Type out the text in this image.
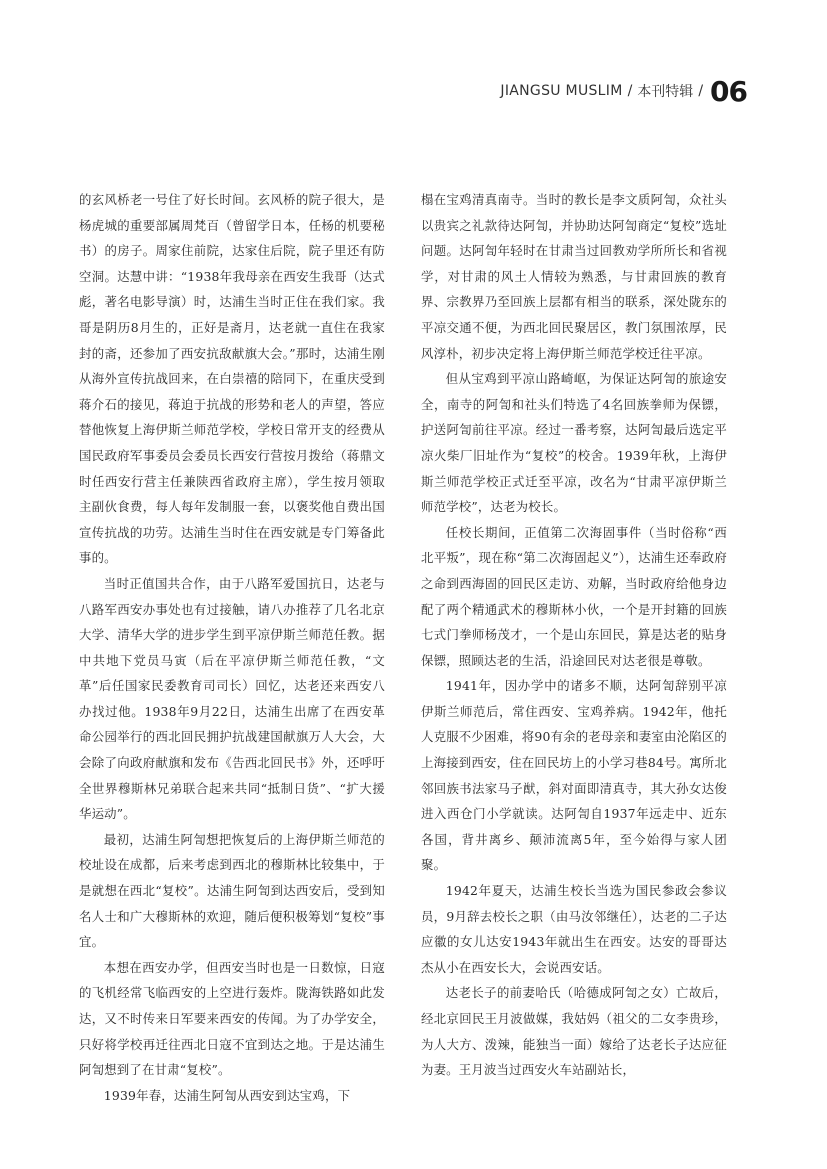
JIANGSU MUSLIM / 本刊特辑 / 06

的玄风桥老一号住了好长时间。玄风桥的院子很大，是杨虎城的重要部属周梵百（曾留学日本，任杨的机要秘书）的房子。周家住前院，达家住后院，院子里还有防空洞。达慧中讲：“1938年我母亲在西安生我哥（达式彪，著名电影导演）时，达浦生当时正住在我们家。我哥是阴历8月生的，正好是斋月，达老就一直住在我家封的斋，还参加了西安抗敌献旗大会。”那时，达浦生刚从海外宣传抗战回来，在白崇禧的陪同下，在重庆受到蒋介石的接见，蒋迫于抗战的形势和老人的声望，答应替他恢复上海伊斯兰师范学校，学校日常开支的经费从国民政府军事委员会委员长西安行营按月拨给（蒋鼎文时任西安行营主任兼陕西省政府主席），学生按月领取主副伙食费，每人每年发制服一套，以褒奖他自费出国宣传抗战的功劳。达浦生当时住在西安就是专门筹备此事的。

当时正值国共合作，由于八路军爱国抗日，达老与八路军西安办事处也有过接触，请八办推荐了几名北京大学、清华大学的进步学生到平凉伊斯兰师范任教。据中共地下党员马寅（后在平凉伊斯兰师范任教，“文革”后任国家民委教育司司长）回忆，达老还来西安八办找过他。1938年9月22日，达浦生出席了在西安革命公园举行的西北回民拥护抗战建国献旗万人大会，大会除了向政府献旗和发布《告西北回民书》外，还呼吁全世界穆斯林兄弟联合起来共同“抵制日货”、“扩大援华运动”。

最初，达浦生阿訇想把恢复后的上海伊斯兰师范的校址设在成都，后来考虑到西北的穆斯林比较集中，于是就想在西北“复校”。达浦生阿訇到达西安后，受到知名人士和广大穆斯林的欢迎，随后便积极筹划“复校”事宜。

本想在西安办学，但西安当时也是一日数惊，日寇的飞机经常飞临西安的上空进行轰炸。陇海铁路如此发达，又不时传来日军要来西安的传闻。为了办学安全，只好将学校再迁往西北日寇不宜到达之地。于是达浦生阿訇想到了在甘肃“复校”。

1939年春，达浦生阿訇从西安到达宝鸡，下

榻在宝鸡清真南寺。当时的教长是李文质阿訇，众社头以贵宾之礼款待达阿訇，并协助达阿訇商定“复校”选址问题。达阿訇年轻时在甘肃当过回教劝学所所长和省视学，对甘肃的风土人情较为熟悉，与甘肃回族的教育界、宗教界乃至回族上层都有相当的联系，深处陇东的平凉交通不便，为西北回民聚居区，教门氛围浓厚，民风淳朴，初步决定将上海伊斯兰师范学校迁往平凉。

但从宝鸡到平凉山路崎岖，为保证达阿訇的旅途安全，南寺的阿訇和社头们特选了4名回族拳师为保镖，护送阿訇前往平凉。经过一番考察，达阿訇最后选定平凉火柴厂旧址作为“复校”的校舍。1939年秋，上海伊斯兰师范学校正式迁至平凉，改名为“甘肃平凉伊斯兰师范学校”，达老为校长。

任校长期间，正值第二次海固事件（当时俗称“西北平叛”，现在称“第二次海固起义”），达浦生还奉政府之命到西海固的回民区走访、劝解，当时政府给他身边配了两个精通武术的穆斯林小伙，一个是开封籍的回族七式门拳师杨茂才，一个是山东回民，算是达老的贴身保镖，照顾达老的生活，沿途回民对达老很是尊敬。

1941年，因办学中的诸多不顺，达阿訇辞别平凉伊斯兰师范后，常住西安、宝鸡养病。1942年，他托人克服不少困难，将90有余的老母亲和妻室由沦陷区的上海接到西安，住在回民坊上的小学习巷84号。寓所北邻回族书法家马子猷，斜对面即清真寺，其大孙女达俊进入西仓门小学就读。达阿訇自1937年远走中、近东各国，背井离乡、颠沛流离5年，至今始得与家人团聚。

1942年夏天，达浦生校长当选为国民参政会参议员，9月辞去校长之职（由马汝邻继任），达老的二子达应徽的女儿达安1943年就出生在西安。达安的哥哥达杰从小在西安长大，会说西安话。

达老长子的前妻哈氏（哈德成阿訇之女）亡故后，经北京回民王月波做媒，我姑妈（祖父的二女李贵珍，为人大方、泼辣，能独当一面）嫁给了达老长子达应征为妻。王月波当过西安火车站副站长，
